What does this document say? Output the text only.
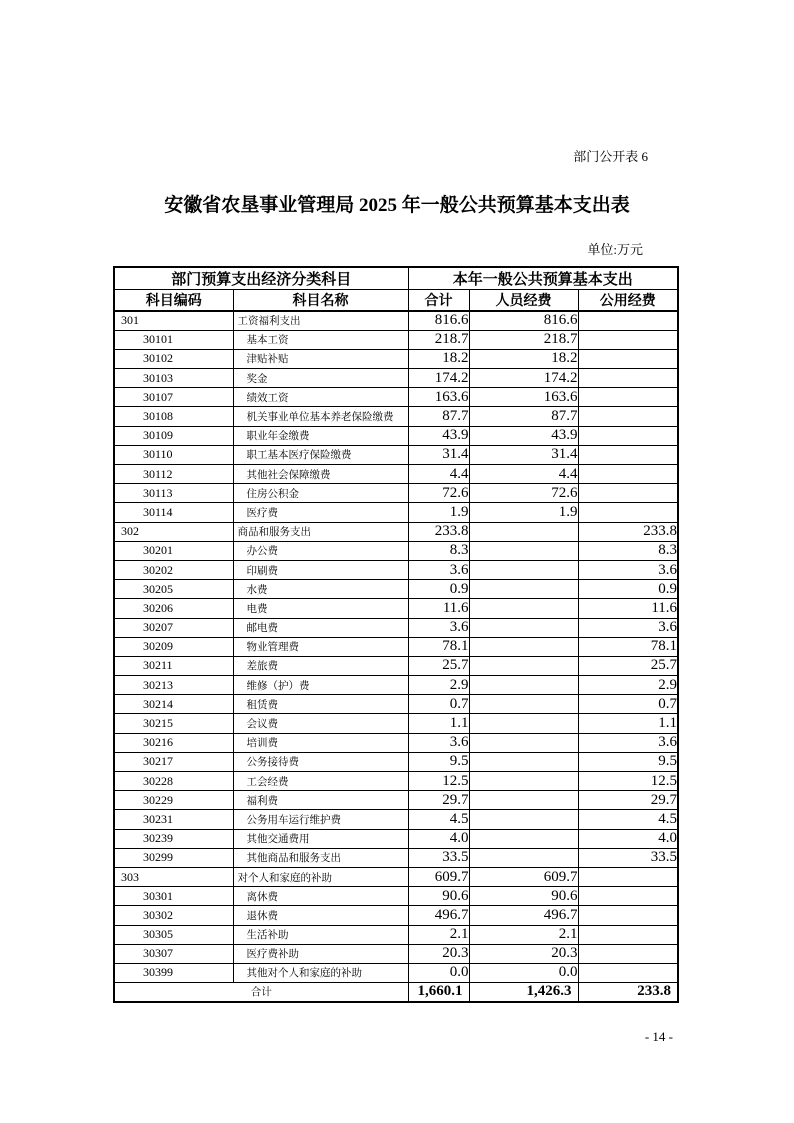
部门公开表 6
安徽省农垦事业管理局 2025 年一般公共预算基本支出表
单位:万元
部门预算支出经济分类科目		本年一般公共预算基本支出		
科目编码	科目名称	合计	人员经费	公用经费
301	工资福利支出	816.6	816.6	
30101	基本工资	218.7	218.7	
30102	津贴补贴	18.2	18.2	
30103	奖金	174.2	174.2	
30107	绩效工资	163.6	163.6	
30108	机关事业单位基本养老保险缴费	87.7	87.7	
30109	职业年金缴费	43.9	43.9	
30110	职工基本医疗保险缴费	31.4	31.4	
30112	其他社会保障缴费	4.4	4.4	
30113	住房公积金	72.6	72.6	
30114	医疗费	1.9	1.9	
302	商品和服务支出	233.8		233.8
30201	办公费	8.3		8.3
30202	印刷费	3.6		3.6
30205	水费	0.9		0.9
30206	电费	11.6		11.6
30207	邮电费	3.6		3.6
30209	物业管理费	78.1		78.1
30211	差旅费	25.7		25.7
30213	维修（护）费	2.9		2.9
30214	租赁费	0.7		0.7
30215	会议费	1.1		1.1
30216	培训费	3.6		3.6
30217	公务接待费	9.5		9.5
30228	工会经费	12.5		12.5
30229	福利费	29.7		29.7
30231	公务用车运行维护费	4.5		4.5
30239	其他交通费用	4.0		4.0
30299	其他商品和服务支出	33.5		33.5
303	对个人和家庭的补助	609.7	609.7	
30301	离休费	90.6	90.6	
30302	退休费	496.7	496.7	
30305	生活补助	2.1	2.1	
30307	医疗费补助	20.3	20.3	
30399	其他对个人和家庭的补助	0.0	0.0	
合计		1,660.1	1,426.3	233.8
- 14 -
